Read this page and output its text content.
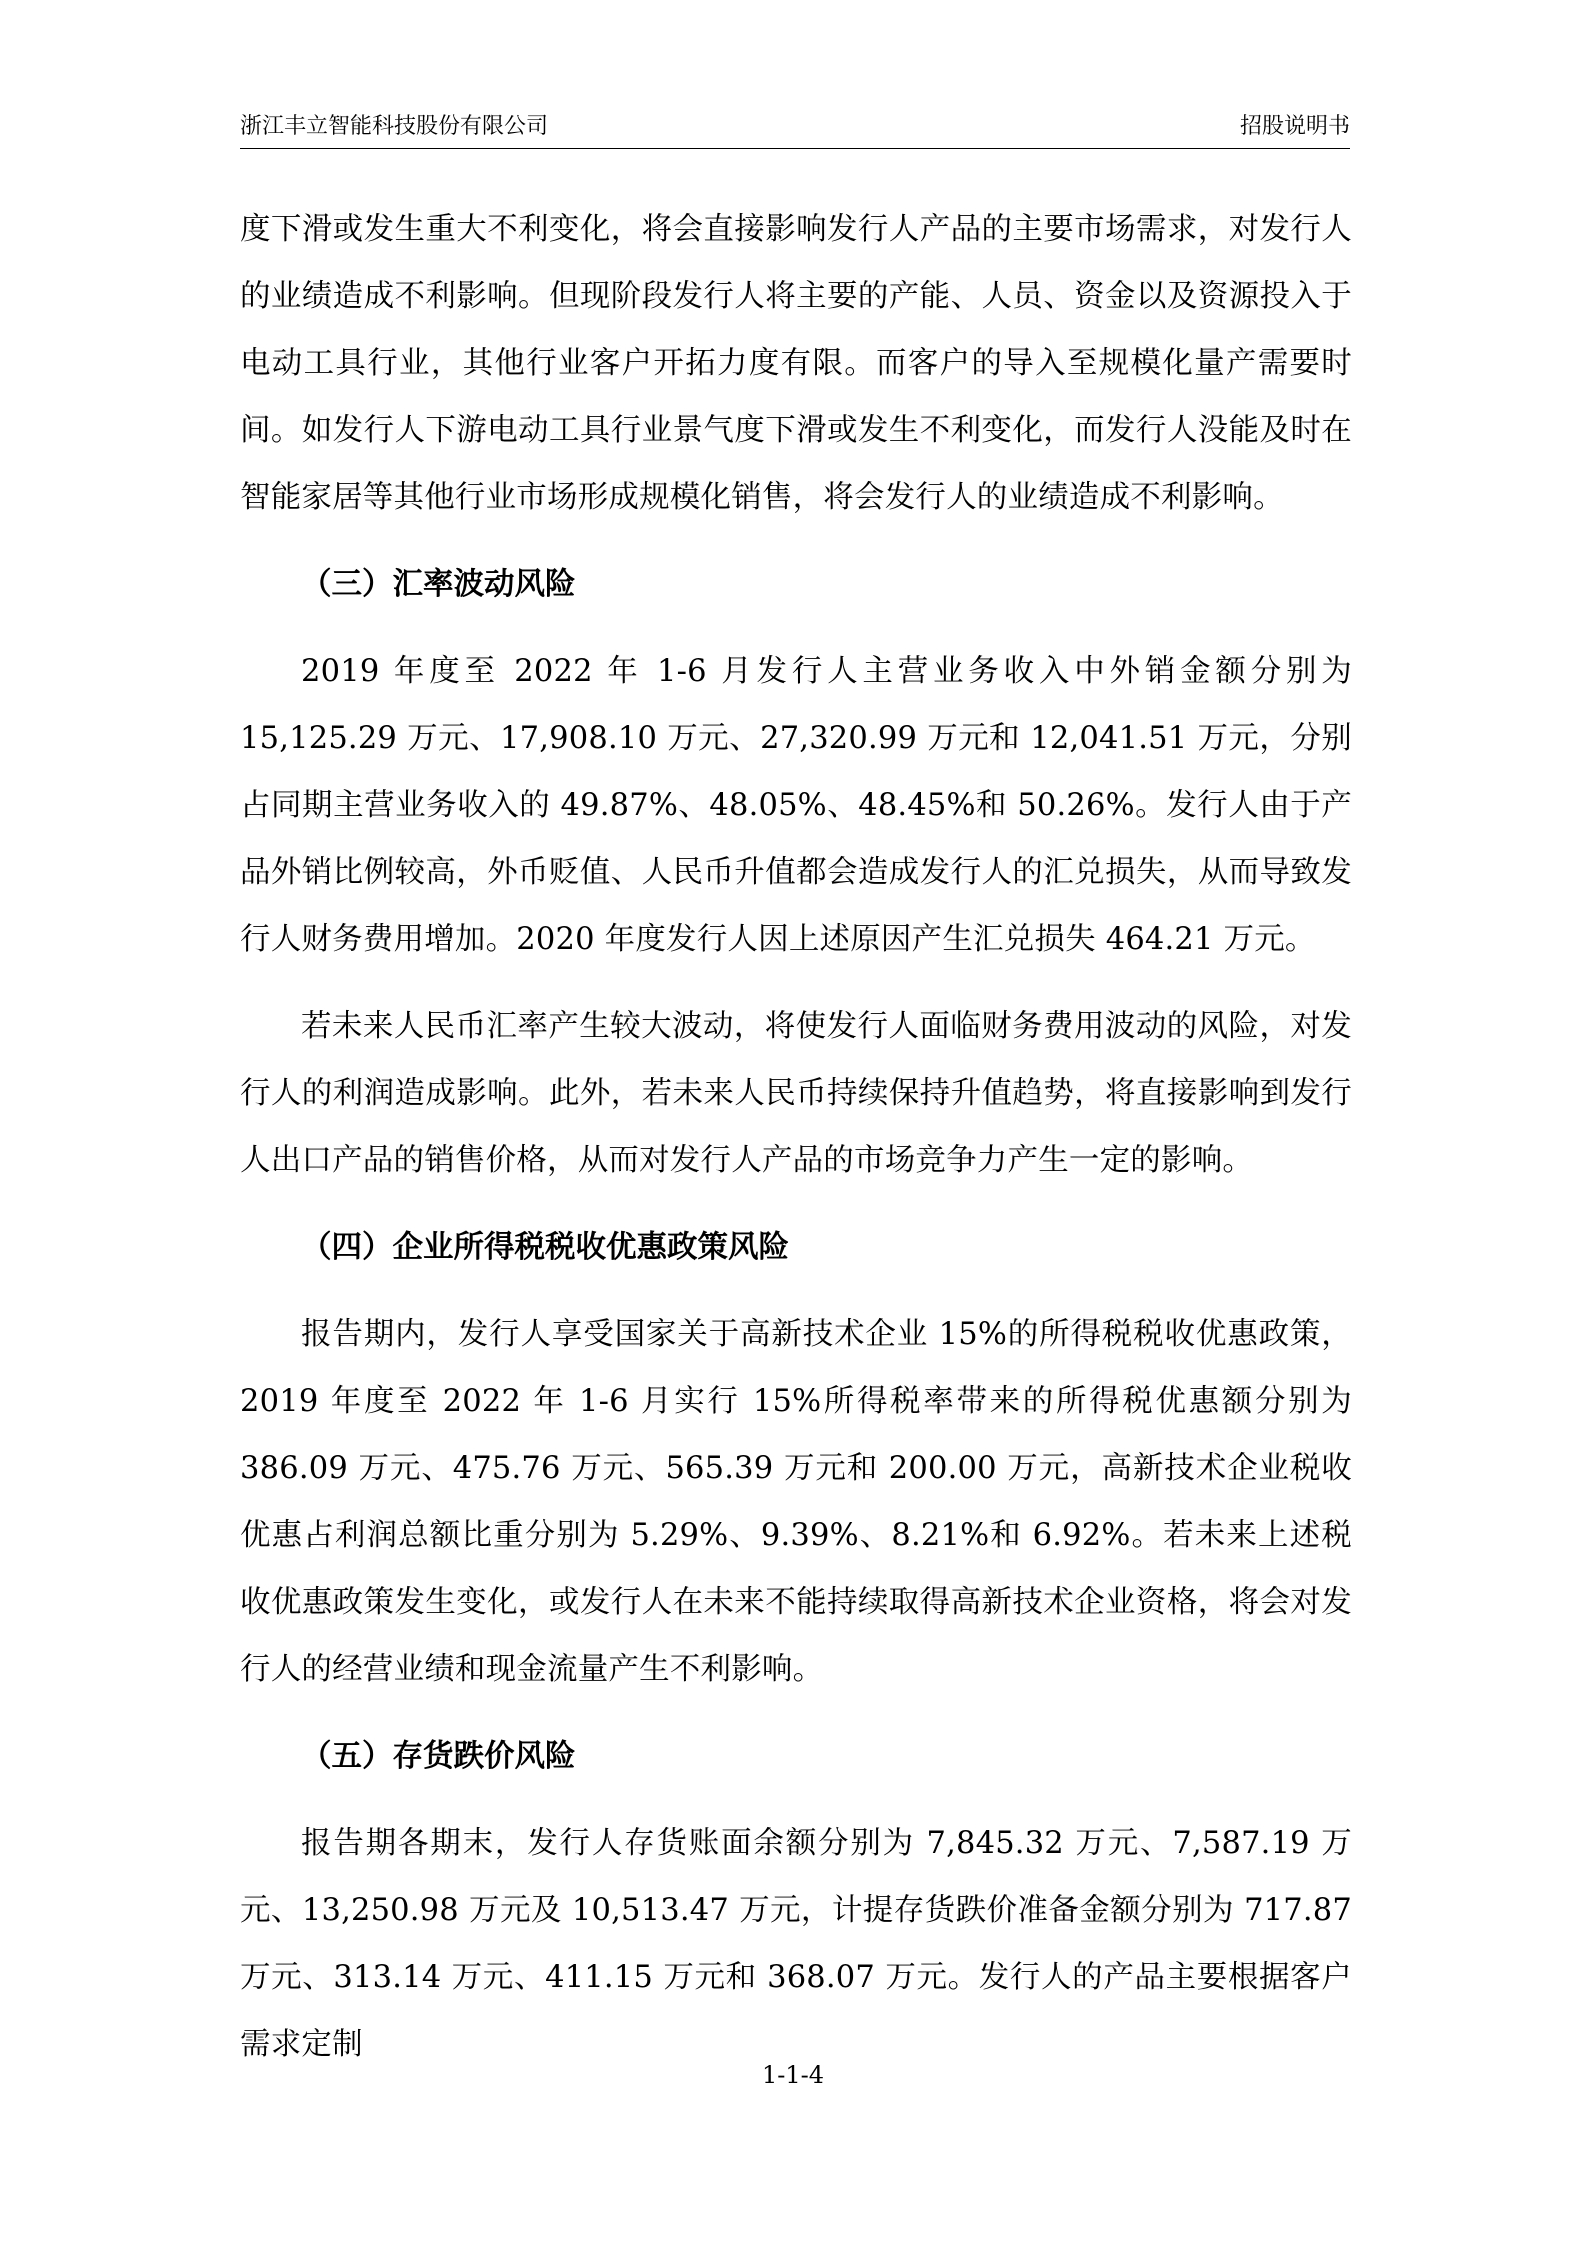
浙江丰立智能科技股份有限公司	招股说明书

度下滑或发生重大不利变化，将会直接影响发行人产品的主要市场需求，对发行人的业绩造成不利影响。但现阶段发行人将主要的产能、人员、资金以及资源投入于电动工具行业，其他行业客户开拓力度有限。而客户的导入至规模化量产需要时间。如发行人下游电动工具行业景气度下滑或发生不利变化，而发行人没能及时在智能家居等其他行业市场形成规模化销售，将会发行人的业绩造成不利影响。

（三）汇率波动风险

2019 年度至 2022 年 1-6 月发行人主营业务收入中外销金额分别为 15,125.29 万元、17,908.10 万元、27,320.99 万元和 12,041.51 万元，分别占同期主营业务收入的 49.87%、48.05%、48.45%和 50.26%。发行人由于产品外销比例较高，外币贬值、人民币升值都会造成发行人的汇兑损失，从而导致发行人财务费用增加。2020 年度发行人因上述原因产生汇兑损失 464.21 万元。

若未来人民币汇率产生较大波动，将使发行人面临财务费用波动的风险，对发行人的利润造成影响。此外，若未来人民币持续保持升值趋势，将直接影响到发行人出口产品的销售价格，从而对发行人产品的市场竞争力产生一定的影响。

（四）企业所得税税收优惠政策风险

报告期内，发行人享受国家关于高新技术企业 15%的所得税税收优惠政策，2019 年度至 2022 年 1-6 月实行 15%所得税率带来的所得税优惠额分别为 386.09 万元、475.76 万元、565.39 万元和 200.00 万元，高新技术企业税收优惠占利润总额比重分别为 5.29%、9.39%、8.21%和 6.92%。若未来上述税收优惠政策发生变化，或发行人在未来不能持续取得高新技术企业资格，将会对发行人的经营业绩和现金流量产生不利影响。

（五）存货跌价风险

报告期各期末，发行人存货账面余额分别为 7,845.32 万元、7,587.19 万元、13,250.98 万元及 10,513.47 万元，计提存货跌价准备金额分别为 717.87 万元、313.14 万元、411.15 万元和 368.07 万元。发行人的产品主要根据客户需求定制

1-1-4
